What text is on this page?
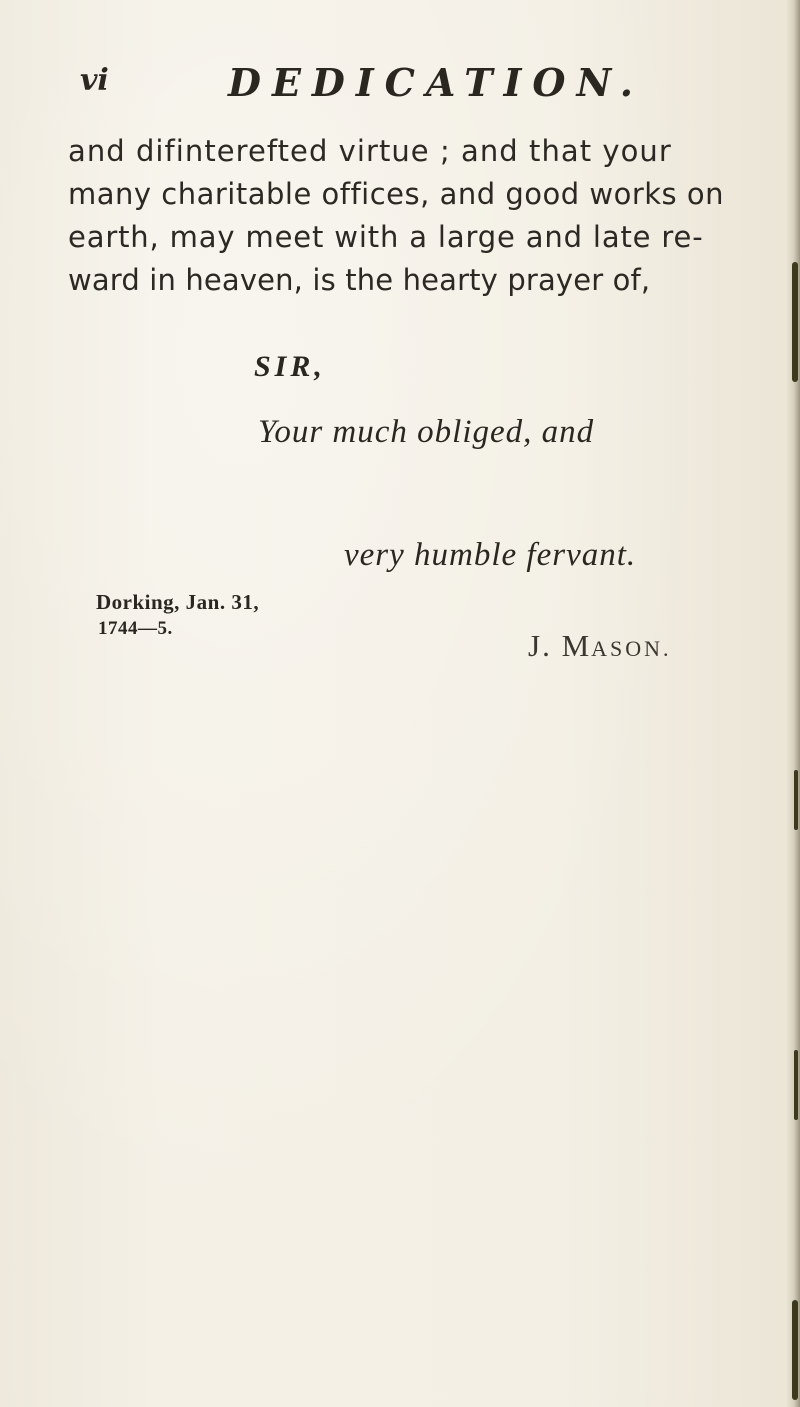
vi	DEDICATION.
and difinterefted virtue ; and that your
many charitable offices, and good works on
earth, may meet with a large and late re-
ward in heaven, is the hearty prayer of,
SIR,
Your much obliged, and
very humble fervant.
Dorking, Jan. 31,
1744—5.	J. MASON.
